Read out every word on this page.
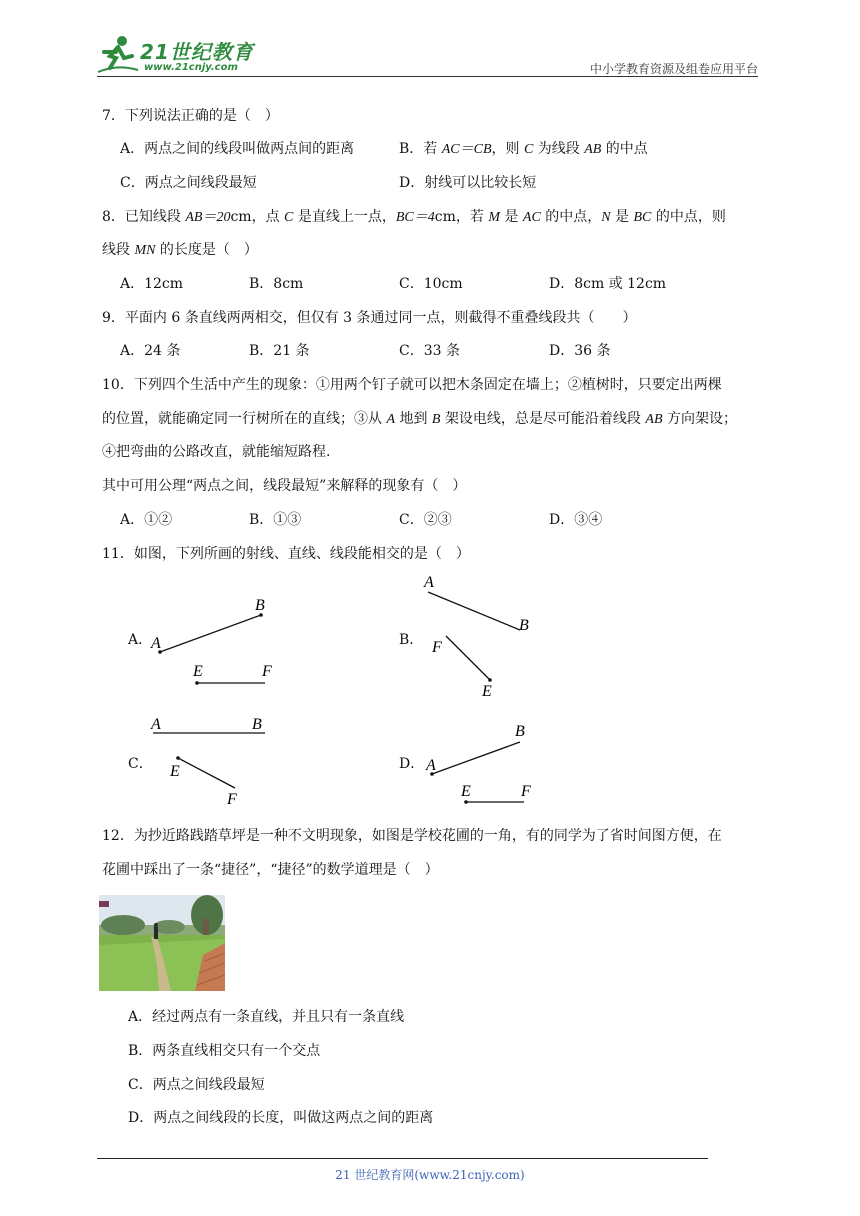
21世纪教育
www.21cnjy.com	中小学教育资源及组卷应用平台
7．下列说法正确的是（　）
A．两点之间的线段叫做两点间的距离	B．若 AC＝CB，则 C 为线段 AB 的中点
C．两点之间线段最短	D．射线可以比较长短
8．已知线段 AB＝20cm，点 C 是直线上一点，BC＝4cm，若 M 是 AC 的中点，N 是 BC 的中点，则
线段 MN 的长度是（　）
A．12cm	B．8cm	C．10cm	D．8cm 或 12cm
9．平面内 6 条直线两两相交，但仅有 3 条通过同一点，则截得不重叠线段共（　　）
A．24 条	B．21 条	C．33 条	D．36 条
10．下列四个生活中产生的现象：①用两个钉子就可以把木条固定在墙上；②植树时，只要定出两棵
的位置，就能确定同一行树所在的直线；③从 A 地到 B 架设电线，总是尽可能沿着线段 AB 方向架设；
④把弯曲的公路改直，就能缩短路程.
其中可用公理“两点之间，线段最短”来解释的现象有（　）
A．①②	B．①③	C．②③	D．③④
11．如图，下列所画的射线、直线、线段能相交的是（　）
A．	B．
C．	D．
A
B
E	F
A
B
F
E
A	B
E
F
A
B
E	F
12．为抄近路践踏草坪是一种不文明现象，如图是学校花圃的一角，有的同学为了省时间图方便，在
花圃中踩出了一条“捷径”，“捷径”的数学道理是（　）
A．经过两点有一条直线，并且只有一条直线
B．两条直线相交只有一个交点
C．两点之间线段最短
D．两点之间线段的长度，叫做这两点之间的距离
21 世纪教育网(www.21cnjy.com)
